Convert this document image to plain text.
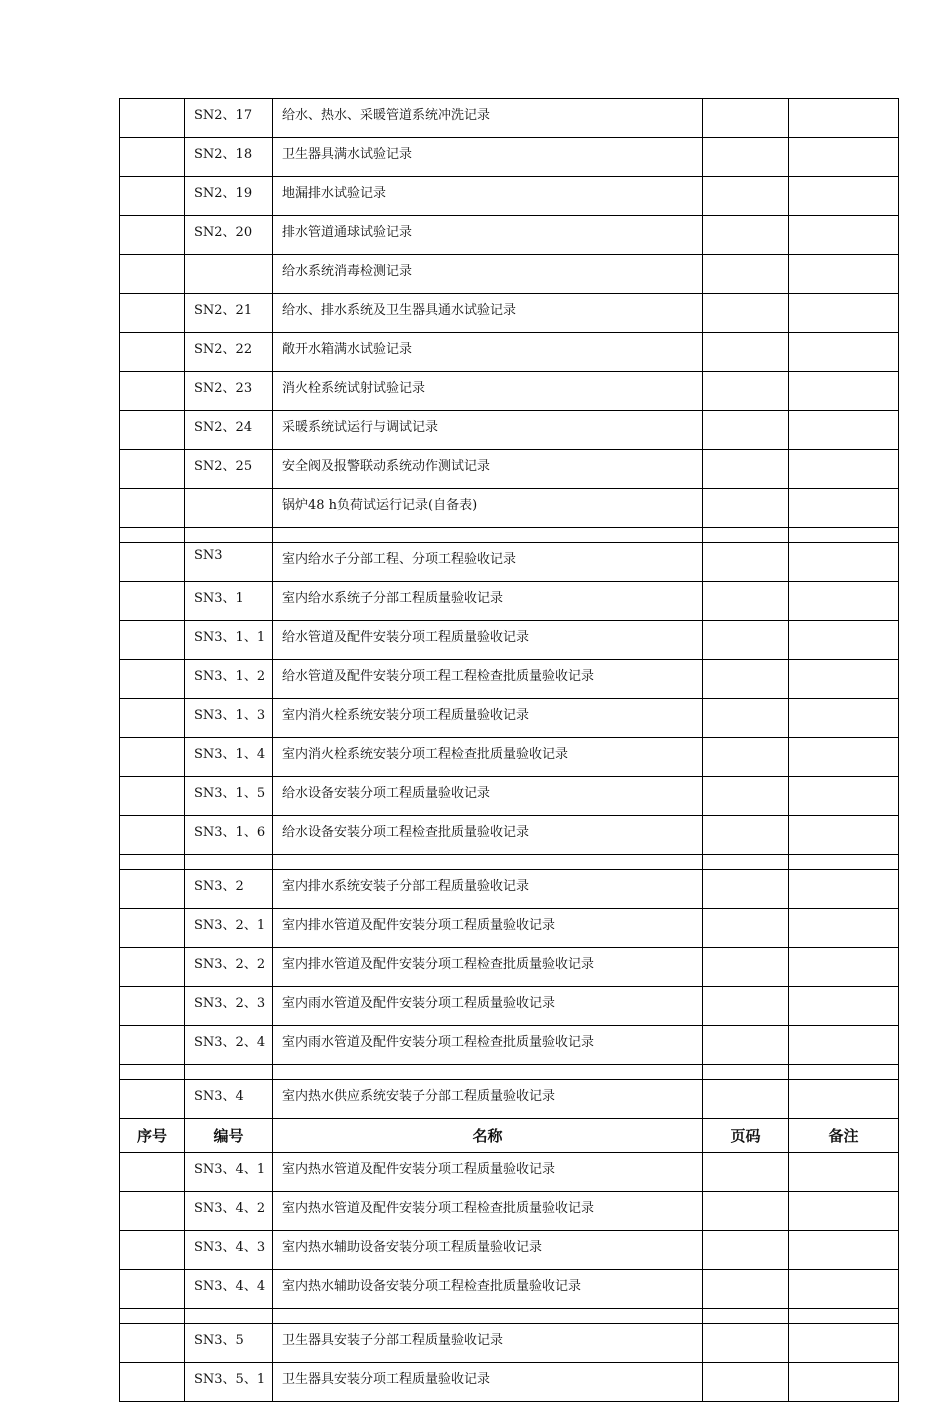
	SN2、17	给水、热水、采暖管道系统冲洗记录		
	SN2、18	卫生器具满水试验记录		
	SN2、19	地漏排水试验记录		
	SN2、20	排水管道通球试验记录		
		给水系统消毒检测记录		
	SN2、21	给水、排水系统及卫生器具通水试验记录		
	SN2、22	敞开水箱满水试验记录		
	SN2、23	消火栓系统试射试验记录		
	SN2、24	采暖系统试运行与调试记录		
	SN2、25	安全阀及报警联动系统动作测试记录		
		锅炉48 h负荷试运行记录(自备表)		

	SN3	室内给水子分部工程、分项工程验收记录		
	SN3、1	室内给水系统子分部工程质量验收记录		
	SN3、1、1	给水管道及配件安装分项工程质量验收记录		
	SN3、1、2	给水管道及配件安装分项工程工程检查批质量验收记录		
	SN3、1、3	室内消火栓系统安装分项工程质量验收记录		
	SN3、1、4	室内消火栓系统安装分项工程检查批质量验收记录		
	SN3、1、5	给水设备安装分项工程质量验收记录		
	SN3、1、6	给水设备安装分项工程检查批质量验收记录		

	SN3、2	室内排水系统安装子分部工程质量验收记录		
	SN3、2、1	室内排水管道及配件安装分项工程质量验收记录		
	SN3、2、2	室内排水管道及配件安装分项工程检查批质量验收记录		
	SN3、2、3	室内雨水管道及配件安装分项工程质量验收记录		
	SN3、2、4	室内雨水管道及配件安装分项工程检查批质量验收记录		

	SN3、4	室内热水供应系统安装子分部工程质量验收记录		
序号	编号	名称	页码	备注
	SN3、4、1	室内热水管道及配件安装分项工程质量验收记录		
	SN3、4、2	室内热水管道及配件安装分项工程检查批质量验收记录		
	SN3、4、3	室内热水辅助设备安装分项工程质量验收记录		
	SN3、4、4	室内热水辅助设备安装分项工程检查批质量验收记录		

	SN3、5	卫生器具安装子分部工程质量验收记录		
	SN3、5、1	卫生器具安装分项工程质量验收记录		
